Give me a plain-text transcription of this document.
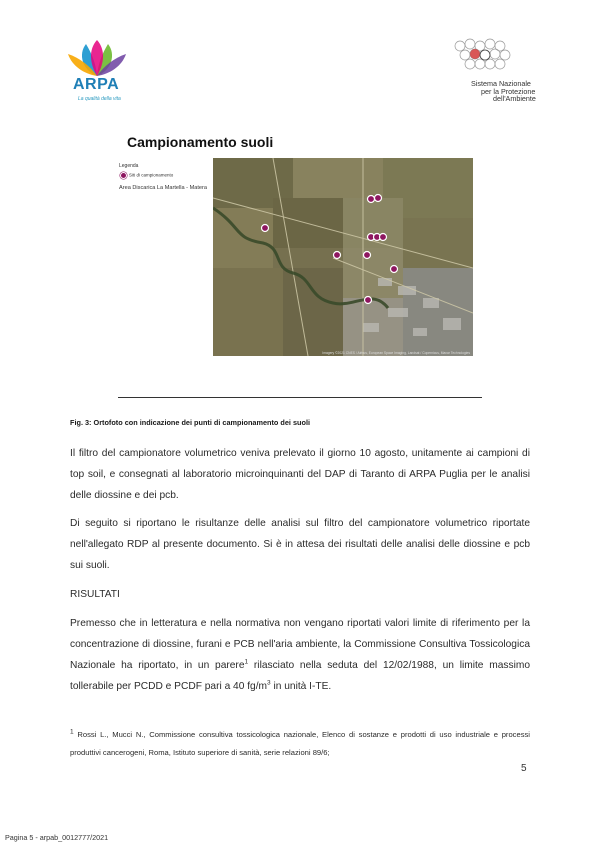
ARPA
La qualità della vita
Sistema Nazionale
per la Protezione
dell'Ambiente
Campionamento suoli
Legenda
Siti di campionamento
Area Discarica La Martella - Matera
Imagery ©2021 CNES / Airbus, European Space Imaging, Landsat / Copernicus, Maxar Technologies
Fig. 3: Ortofoto con indicazione dei punti di campionamento dei suoli
Il filtro del campionatore volumetrico veniva prelevato il giorno 10 agosto, unitamente ai campioni di top soil, e consegnati al laboratorio microinquinanti del DAP di Taranto di ARPA Puglia per le analisi delle diossine e dei pcb.
Di seguito si riportano le risultanze delle analisi sul filtro del campionatore volumetrico riportate nell'allegato RDP al presente documento. Si è in attesa dei risultati delle analisi delle diossine e pcb sui suoli.
RISULTATI
Premesso che in letteratura e nella normativa non vengano riportati valori limite di riferimento per la concentrazione di diossine, furani e PCB nell'aria ambiente, la Commissione Consultiva Tossicologica Nazionale ha riportato, in un parere$^1$ rilasciato nella seduta del 12/02/1988, un limite massimo tollerabile per PCDD e PCDF pari a 40 $fg/m^3$ in unità I-TE.
$^1$ Rossi L., Mucci N., Commissione consultiva tossicologica nazionale, Elenco di sostanze e prodotti di uso industriale e processi produttivi cancerogeni, Roma, Istituto superiore di sanità, serie relazioni 89/6;
5
Pagina 5 - arpab_0012777/2021
